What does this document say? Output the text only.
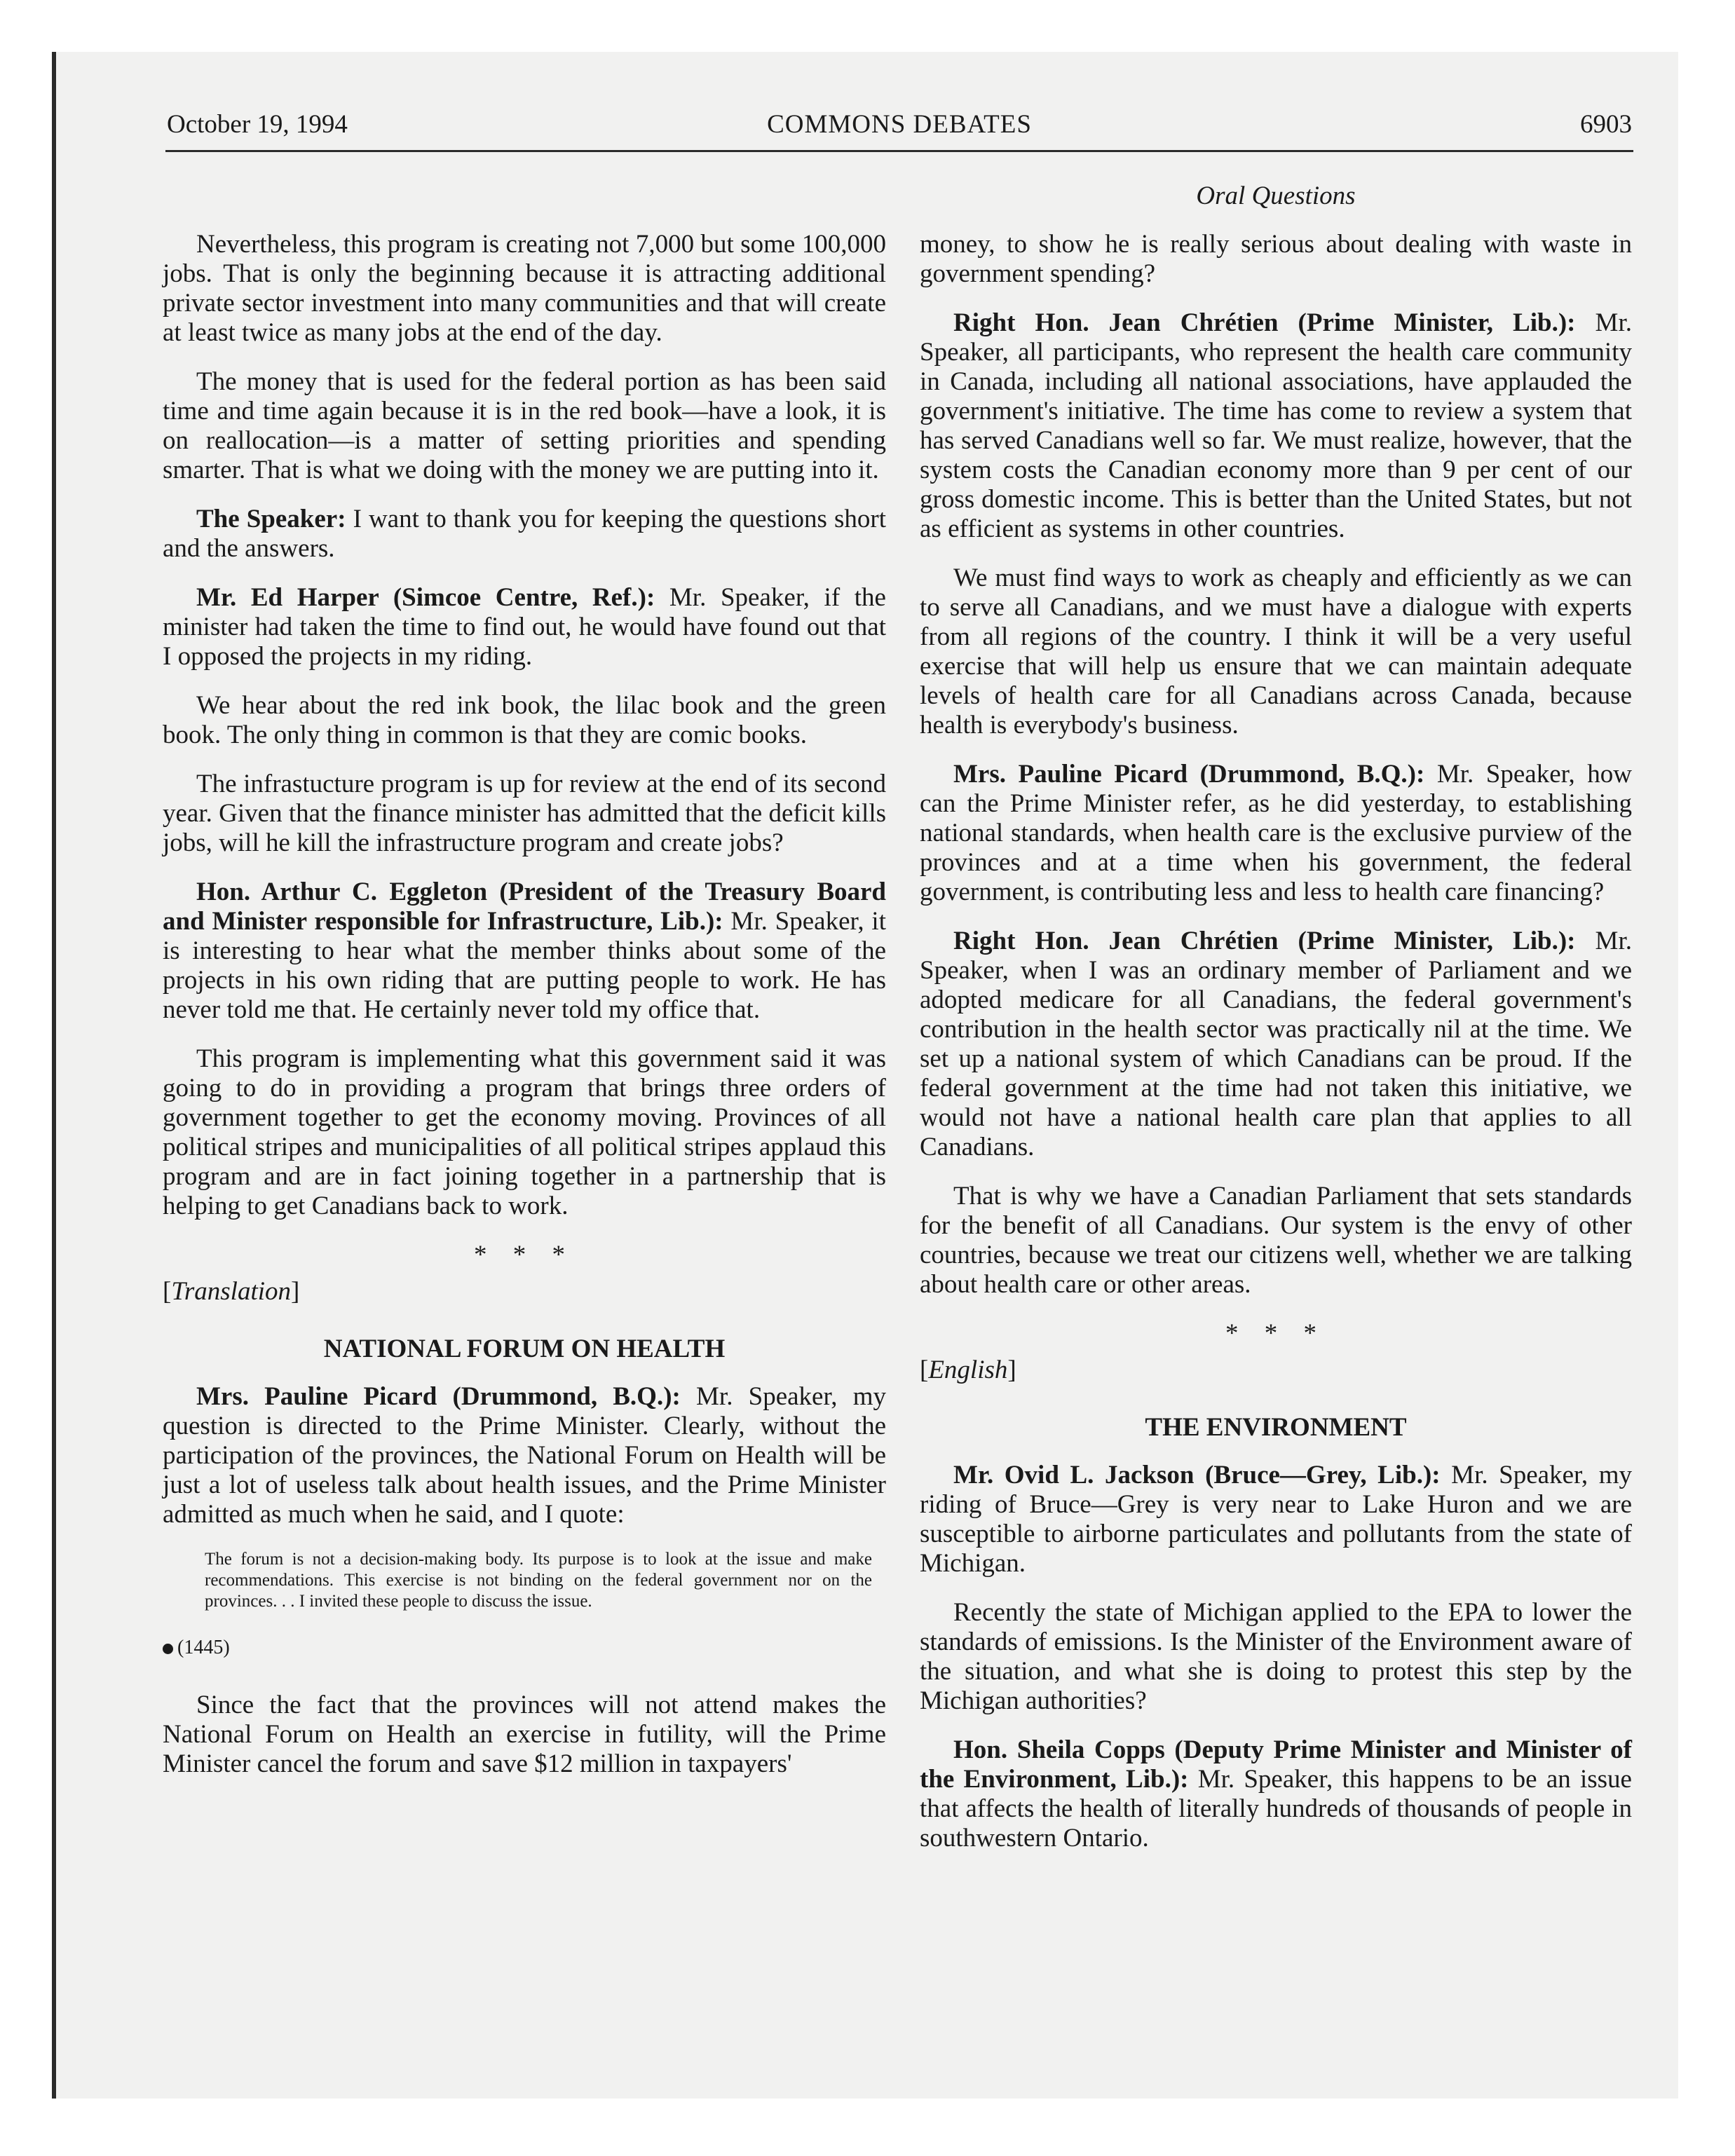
October 19, 1994	COMMONS DEBATES	6903
Oral Questions

Nevertheless, this program is creating not 7,000 but some 100,000 jobs. That is only the beginning because it is attracting additional private sector investment into many communities and that will create at least twice as many jobs at the end of the day.

The money that is used for the federal portion as has been said time and time again because it is in the red book—have a look, it is on reallocation—is a matter of setting priorities and spending smarter. That is what we doing with the money we are putting into it.

The Speaker: I want to thank you for keeping the questions short and the answers.

Mr. Ed Harper (Simcoe Centre, Ref.): Mr. Speaker, if the minister had taken the time to find out, he would have found out that I opposed the projects in my riding.

We hear about the red ink book, the lilac book and the green book. The only thing in common is that they are comic books.

The infrastucture program is up for review at the end of its second year. Given that the finance minister has admitted that the deficit kills jobs, will he kill the infrastructure program and create jobs?

Hon. Arthur C. Eggleton (President of the Treasury Board and Minister responsible for Infrastructure, Lib.): Mr. Speaker, it is interesting to hear what the member thinks about some of the projects in his own riding that are putting people to work. He has never told me that. He certainly never told my office that.

This program is implementing what this government said it was going to do in providing a program that brings three orders of government together to get the economy moving. Provinces of all political stripes and municipalities of all political stripes applaud this program and are in fact joining together in a partnership that is helping to get Canadians back to work.

* * *
[Translation]
NATIONAL FORUM ON HEALTH

Mrs. Pauline Picard (Drummond, B.Q.): Mr. Speaker, my question is directed to the Prime Minister. Clearly, without the participation of the provinces, the National Forum on Health will be just a lot of useless talk about health issues, and the Prime Minister admitted as much when he said, and I quote:

The forum is not a decision-making body. Its purpose is to look at the issue and make recommendations. This exercise is not binding on the federal government nor on the provinces. . . I invited these people to discuss the issue.
(1445)

Since the fact that the provinces will not attend makes the National Forum on Health an exercise in futility, will the Prime Minister cancel the forum and save $12 million in taxpayers'

money, to show he is really serious about dealing with waste in government spending?

Right Hon. Jean Chrétien (Prime Minister, Lib.): Mr. Speaker, all participants, who represent the health care community in Canada, including all national associations, have applauded the government's initiative. The time has come to review a system that has served Canadians well so far. We must realize, however, that the system costs the Canadian economy more than 9 per cent of our gross domestic income. This is better than the United States, but not as efficient as systems in other countries.

We must find ways to work as cheaply and efficiently as we can to serve all Canadians, and we must have a dialogue with experts from all regions of the country. I think it will be a very useful exercise that will help us ensure that we can maintain adequate levels of health care for all Canadians across Canada, because health is everybody's business.

Mrs. Pauline Picard (Drummond, B.Q.): Mr. Speaker, how can the Prime Minister refer, as he did yesterday, to establishing national standards, when health care is the exclusive purview of the provinces and at a time when his government, the federal government, is contributing less and less to health care financing?

Right Hon. Jean Chrétien (Prime Minister, Lib.): Mr. Speaker, when I was an ordinary member of Parliament and we adopted medicare for all Canadians, the federal government's contribution in the health sector was practically nil at the time. We set up a national system of which Canadians can be proud. If the federal government at the time had not taken this initiative, we would not have a national health care plan that applies to all Canadians.

That is why we have a Canadian Parliament that sets standards for the benefit of all Canadians. Our system is the envy of other countries, because we treat our citizens well, whether we are talking about health care or other areas.

* * *
[English]
THE ENVIRONMENT

Mr. Ovid L. Jackson (Bruce—Grey, Lib.): Mr. Speaker, my riding of Bruce—Grey is very near to Lake Huron and we are susceptible to airborne particulates and pollutants from the state of Michigan.

Recently the state of Michigan applied to the EPA to lower the standards of emissions. Is the Minister of the Environment aware of the situation, and what she is doing to protest this step by the Michigan authorities?

Hon. Sheila Copps (Deputy Prime Minister and Minister of the Environment, Lib.): Mr. Speaker, this happens to be an issue that affects the health of literally hundreds of thousands of people in southwestern Ontario.
